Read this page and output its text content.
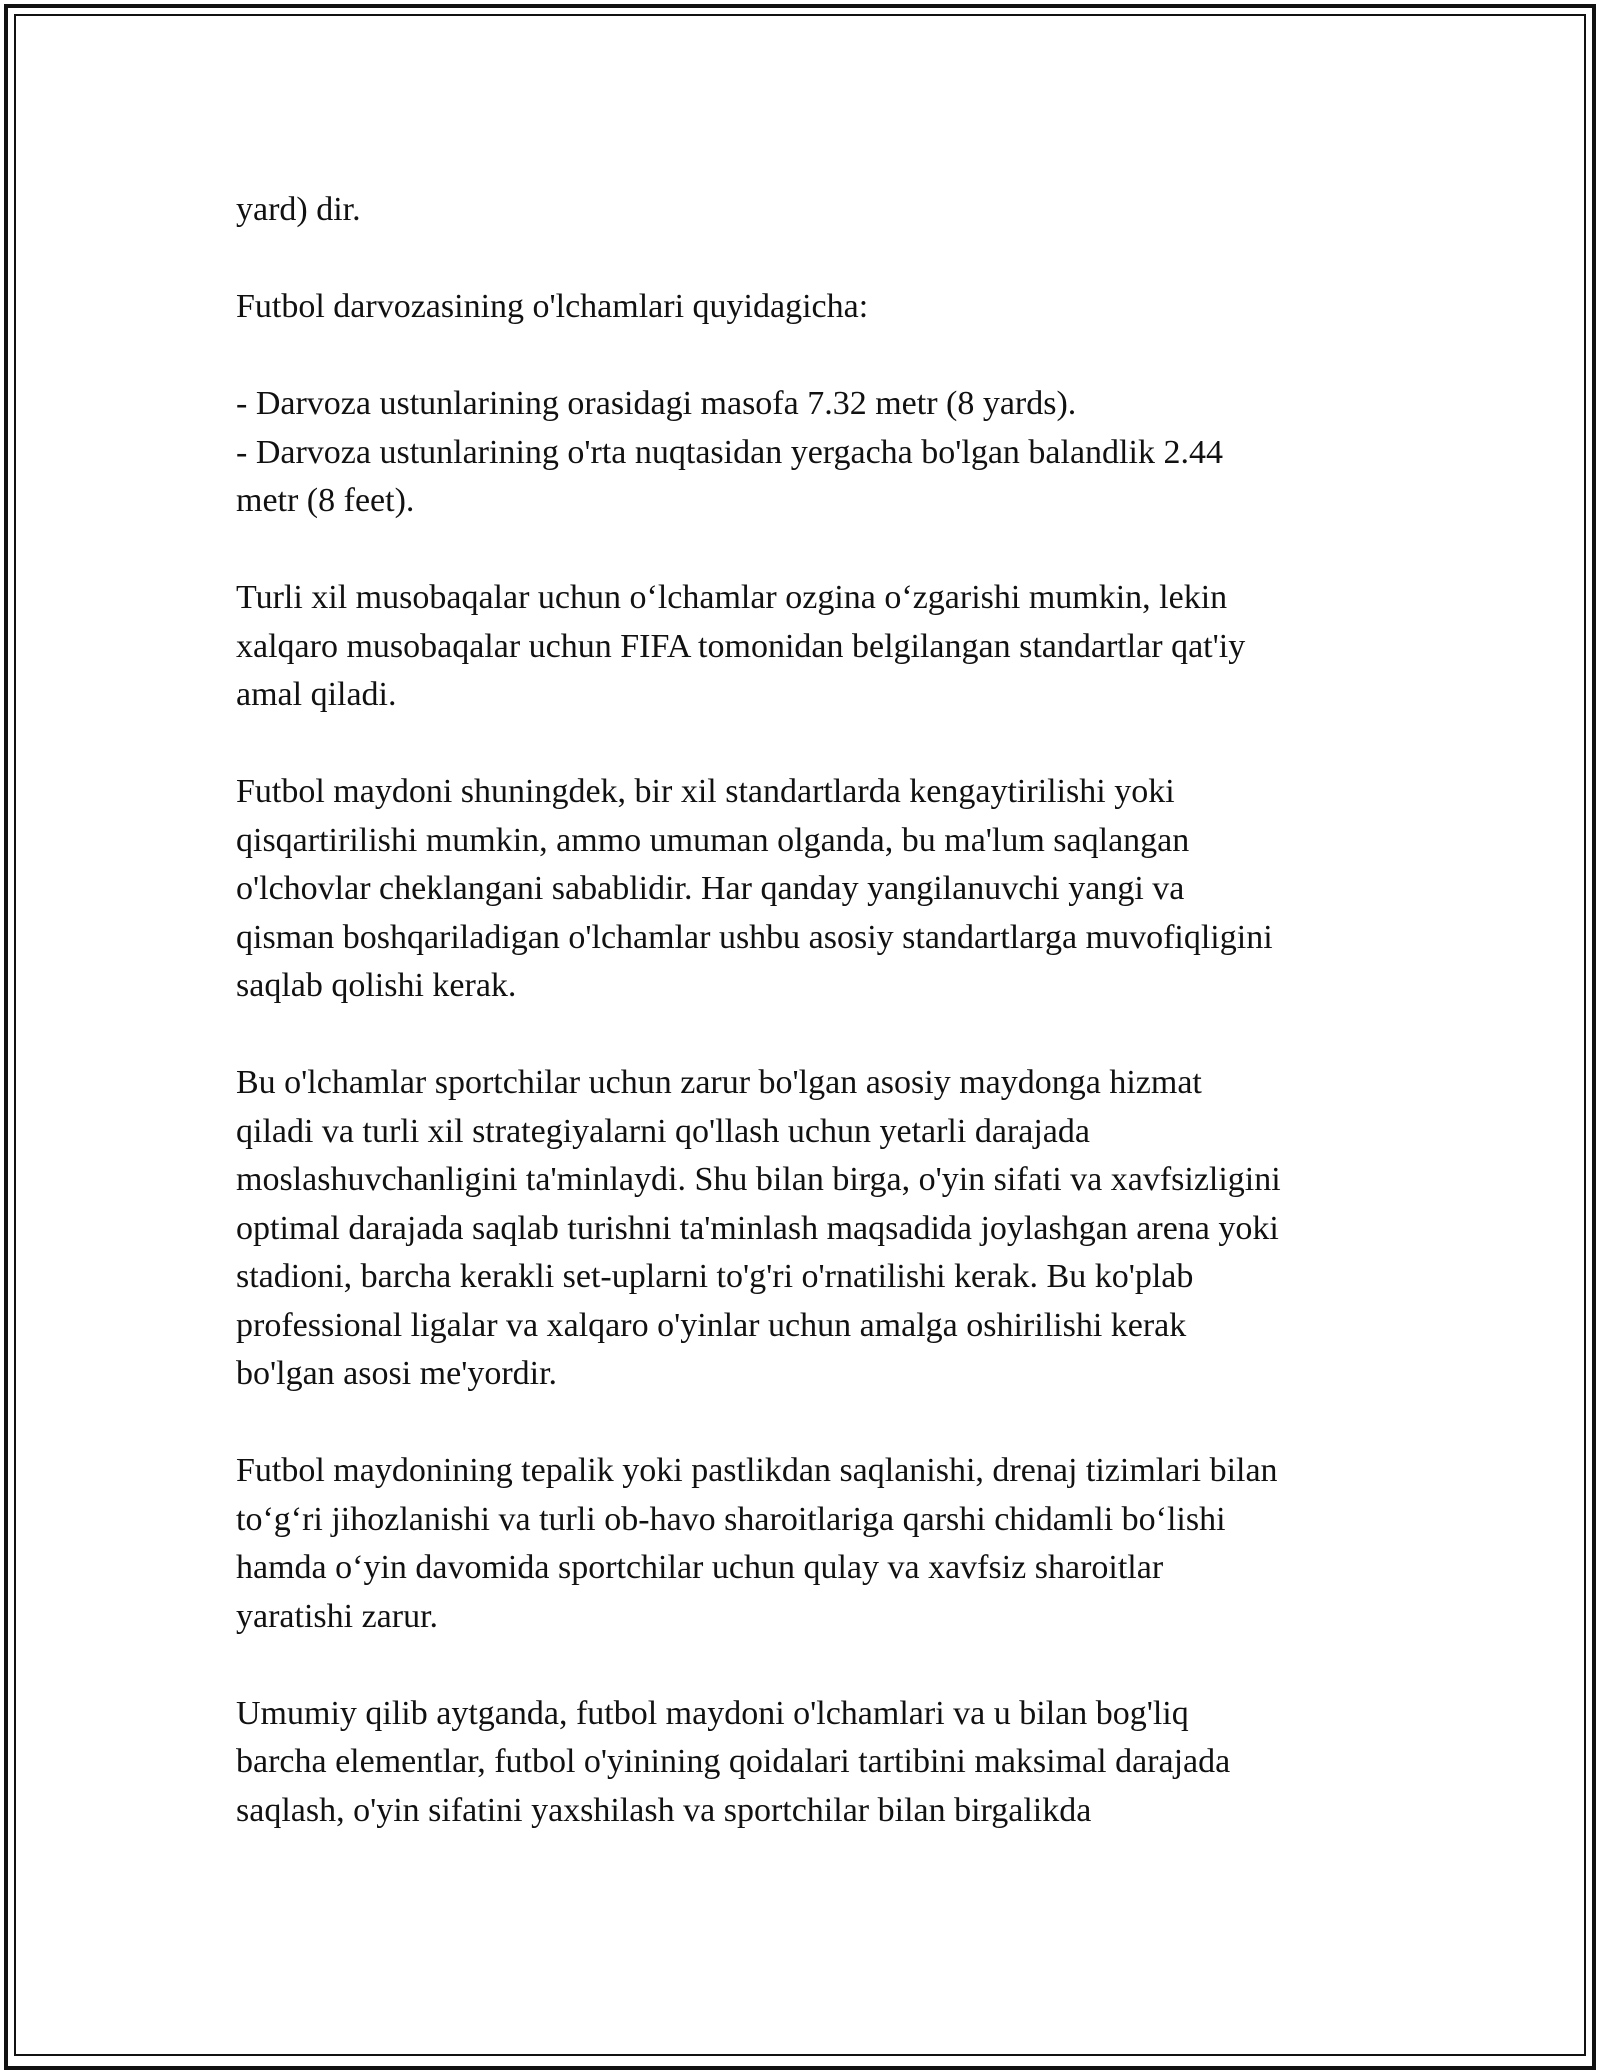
yard) dir.

Futbol darvozasining o'lchamlari quyidagicha:

- Darvoza ustunlarining orasidagi masofa 7.32 metr (8 yards).
- Darvoza ustunlarining o'rta nuqtasidan yergacha bo'lgan balandlik 2.44
metr (8 feet).

Turli xil musobaqalar uchun o‘lchamlar ozgina o‘zgarishi mumkin, lekin
xalqaro musobaqalar uchun FIFA tomonidan belgilangan standartlar qat'iy
amal qiladi.

Futbol maydoni shuningdek, bir xil standartlarda kengaytirilishi yoki
qisqartirilishi mumkin, ammo umuman olganda, bu ma'lum saqlangan
o'lchovlar cheklangani sabablidir. Har qanday yangilanuvchi yangi va
qisman boshqariladigan o'lchamlar ushbu asosiy standartlarga muvofiqligini
saqlab qolishi kerak.

Bu o'lchamlar sportchilar uchun zarur bo'lgan asosiy maydonga hizmat
qiladi va turli xil strategiyalarni qo'llash uchun yetarli darajada
moslashuvchanligini ta'minlaydi. Shu bilan birga, o'yin sifati va xavfsizligini
optimal darajada saqlab turishni ta'minlash maqsadida joylashgan arena yoki
stadioni, barcha kerakli set-uplarni to'g'ri o'rnatilishi kerak. Bu ko'plab
professional ligalar va xalqaro o'yinlar uchun amalga oshirilishi kerak
bo'lgan asosi me'yordir.

Futbol maydonining tepalik yoki pastlikdan saqlanishi, drenaj tizimlari bilan
to‘g‘ri jihozlanishi va turli ob-havo sharoitlariga qarshi chidamli bo‘lishi
hamda o‘yin davomida sportchilar uchun qulay va xavfsiz sharoitlar
yaratishi zarur.

Umumiy qilib aytganda, futbol maydoni o'lchamlari va u bilan bog'liq
barcha elementlar, futbol o'yinining qoidalari tartibini maksimal darajada
saqlash, o'yin sifatini yaxshilash va sportchilar bilan birgalikda
